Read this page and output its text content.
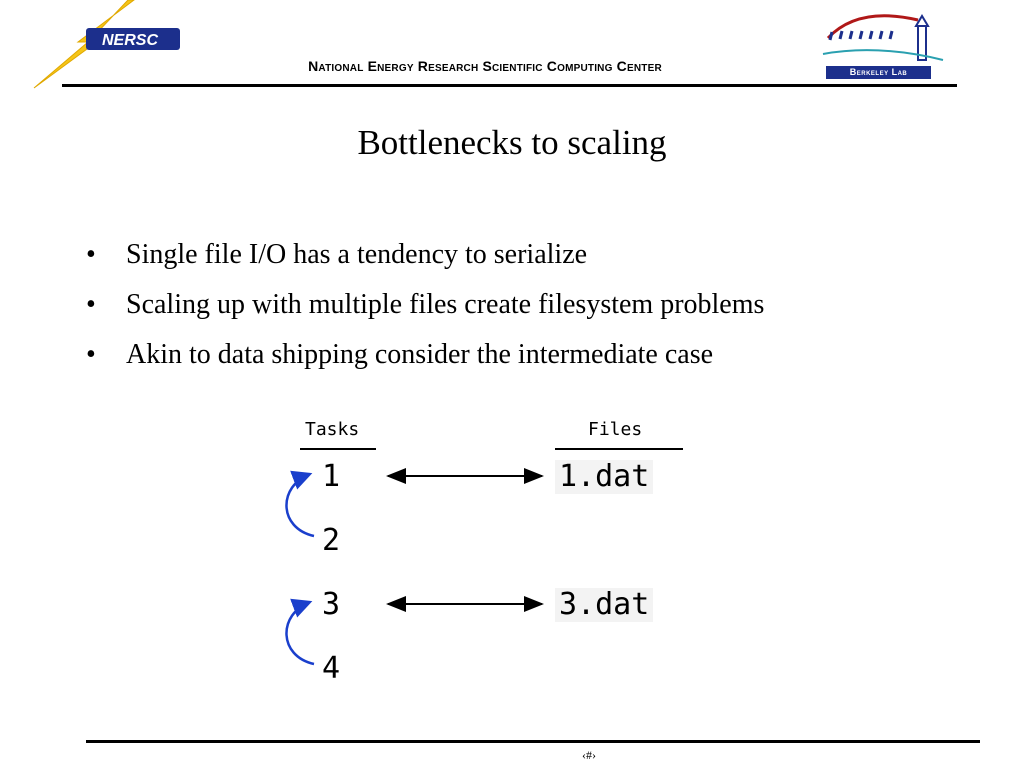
NERSC
National Energy Research Scientific Computing Center	Berkeley Lab
Bottlenecks to scaling
• Single file I/O has a tendency to serialize
• Scaling up with multiple files create filesystem problems
• Akin to data shipping consider the intermediate case
Tasks	Files
1
2
3
4
1.dat
3.dat
‹#›
